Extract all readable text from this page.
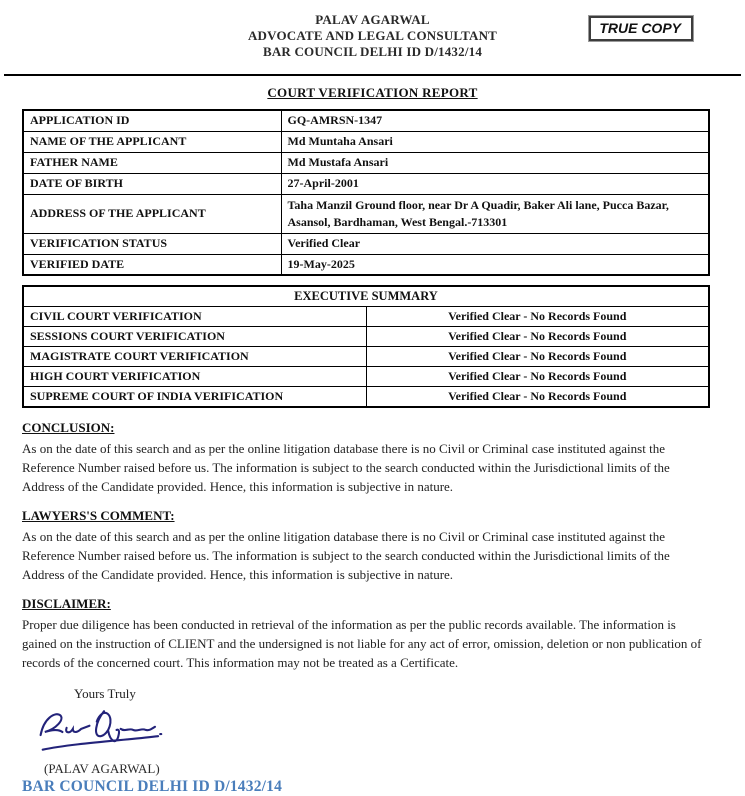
PALAV AGARWAL
ADVOCATE AND LEGAL CONSULTANT
BAR COUNCIL DELHI ID D/1432/14
TRUE COPY
COURT VERIFICATION REPORT
APPLICATION ID	GQ-AMRSN-1347
NAME OF THE APPLICANT	Md Muntaha Ansari
FATHER NAME	Md Mustafa Ansari
DATE OF BIRTH	27-April-2001
ADDRESS OF THE APPLICANT	Taha Manzil Ground floor, near Dr A Quadir, Baker Ali lane, Pucca Bazar, Asansol, Bardhaman, West Bengal.-713301
VERIFICATION STATUS	Verified Clear
VERIFIED DATE	19-May-2025
EXECUTIVE SUMMARY	
CIVIL COURT VERIFICATION	Verified Clear - No Records Found
SESSIONS COURT VERIFICATION	Verified Clear - No Records Found
MAGISTRATE COURT VERIFICATION	Verified Clear - No Records Found
HIGH COURT VERIFICATION	Verified Clear - No Records Found
SUPREME COURT OF INDIA VERIFICATION	Verified Clear - No Records Found
CONCLUSION:
As on the date of this search and as per the online litigation database there is no Civil or Criminal case instituted against the Reference Number raised before us. The information is subject to the search conducted within the Jurisdictional limits of the Address of the Candidate provided. Hence, this information is subjective in nature.
LAWYERS'S COMMENT:
As on the date of this search and as per the online litigation database there is no Civil or Criminal case instituted against the Reference Number raised before us. The information is subject to the search conducted within the Jurisdictional limits of the Address of the Candidate provided. Hence, this information is subjective in nature.
DISCLAIMER:
Proper due diligence has been conducted in retrieval of the information as per the public records available. The information is gained on the instruction of CLIENT and the undersigned is not liable for any act of error, omission, deletion or non publication of records of the concerned court. This information may not be treated as a Certificate.
Yours Truly
(PALAV AGARWAL)
BAR COUNCIL DELHI ID D/1432/14
